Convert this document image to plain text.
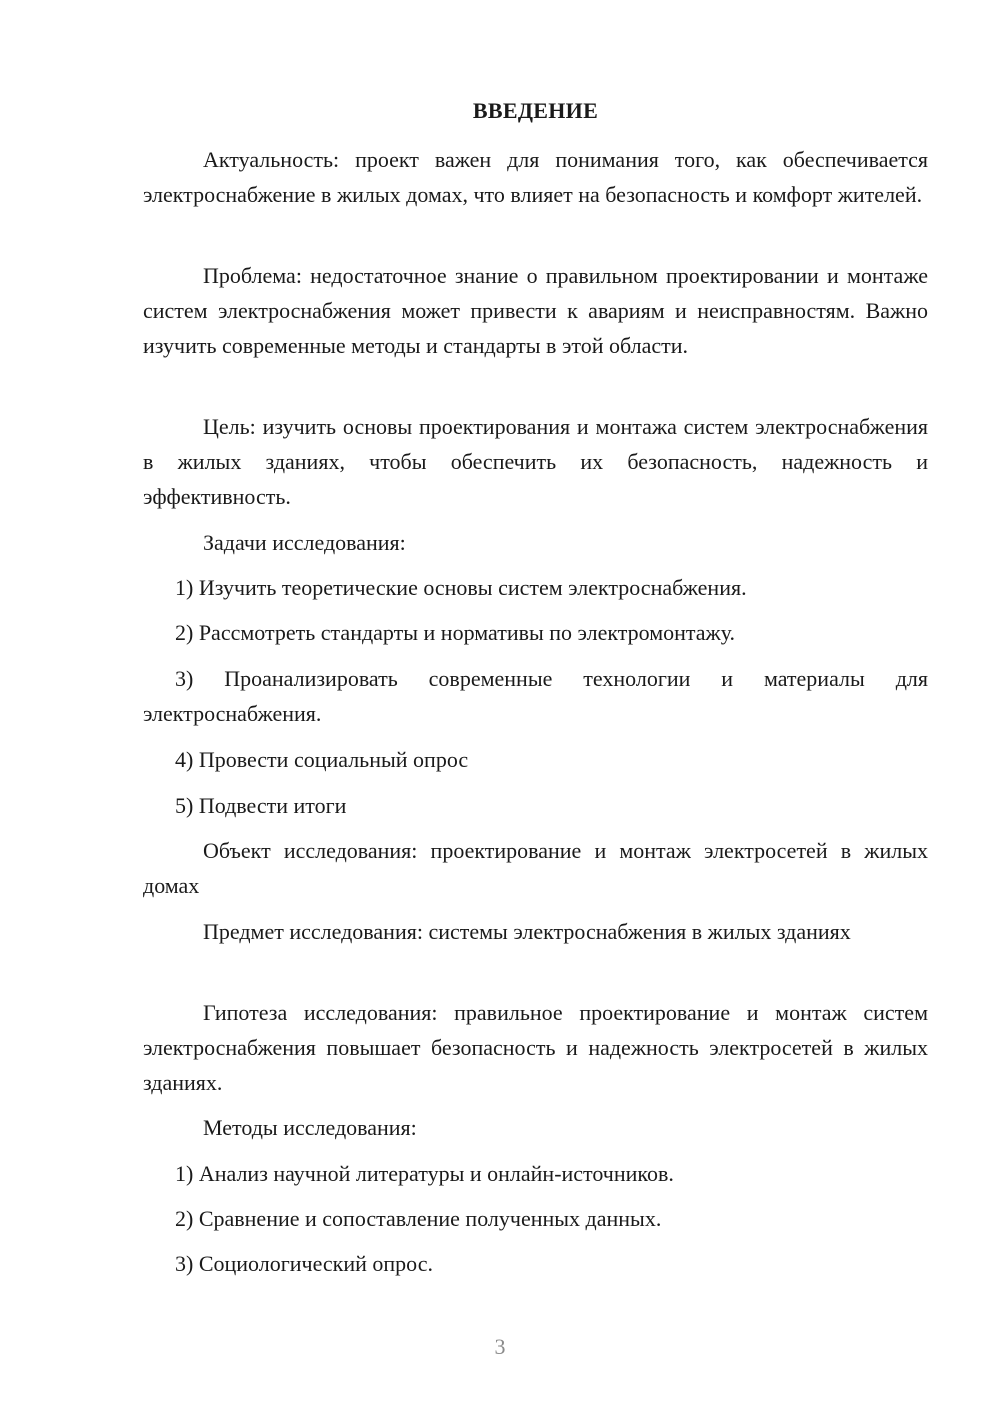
ВВЕДЕНИЕ
Актуальность: проект важен для понимания того, как обеспечивается электроснабжение в жилых домах, что влияет на безопасность и комфорт жителей.
Проблема: недостаточное знание о правильном проектировании и монтаже систем электроснабжения может привести к авариям и неисправностям. Важно изучить современные методы и стандарты в этой области.
Цель: изучить основы проектирования и монтажа систем электроснабжения в жилых зданиях, чтобы обеспечить их безопасность, надежность и эффективность.
Задачи исследования:
1) Изучить теоретические основы систем электроснабжения.
2) Рассмотреть стандарты и нормативы по электромонтажу.
3) Проанализировать современные технологии и материалы для электроснабжения.
4) Провести социальный опрос
5) Подвести итоги
Объект исследования: проектирование и монтаж электросетей в жилых домах
Предмет исследования: системы электроснабжения в жилых зданиях
Гипотеза исследования: правильное проектирование и монтаж систем электроснабжения повышает безопасность и надежность электросетей в жилых зданиях.
Методы исследования:
1) Анализ научной литературы и онлайн-источников.
2) Сравнение и сопоставление полученных данных.
3) Социологический опрос.
3
